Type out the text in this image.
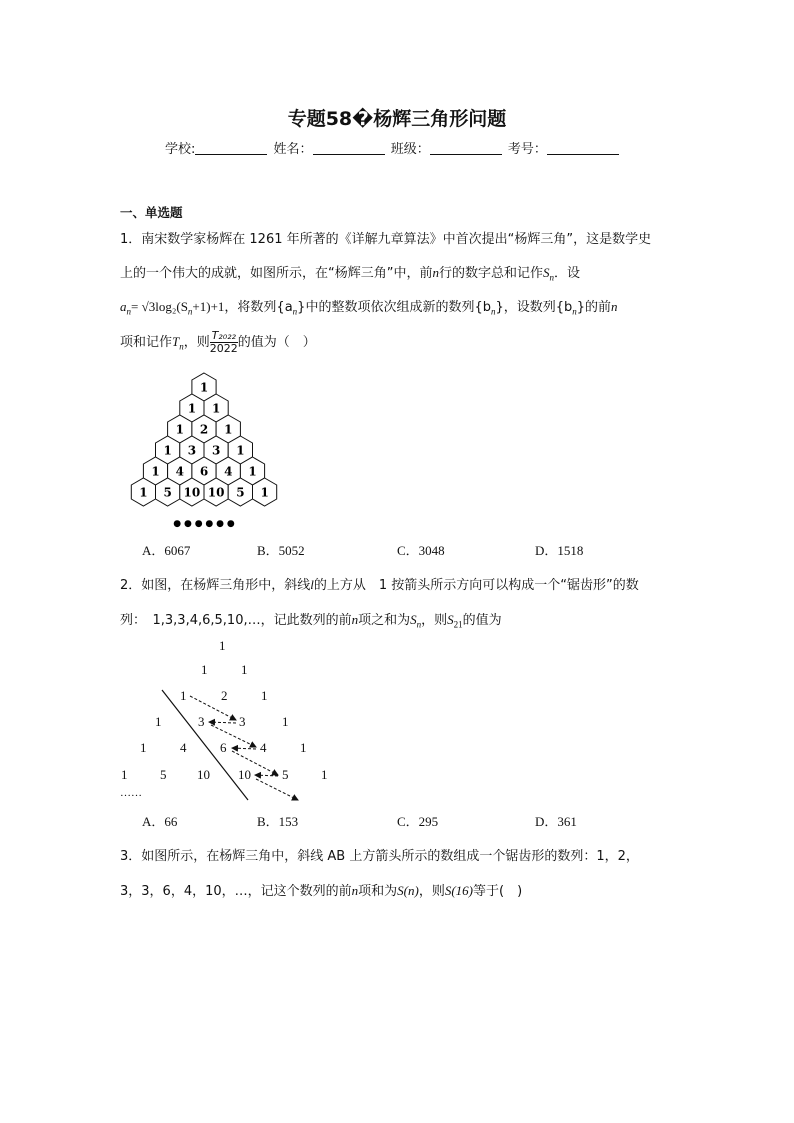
专题58�杨辉三角形问题
学校:	姓名：	班级：	考号：
一、单选题
1．南宋数学家杨辉在 1261 年所著的《详解九章算法》中首次提出“杨辉三角”，这是数学史
上的一个伟大的成就，如图所示，在“杨辉三角”中，前n行的数字总和记作$S_n$．设
$a_n= √3\log_2(S_n+1)+1$，将数列$\{a_n\}$中的整数项依次组成新的数列$\{b_n\}$，设数列$\{b_n\}$的前n
项和记作$T_n$，则 $\frac{\text{T₂₀₂₂}}{2022}$ 的值为（　）
1
1 1
1 2 1
1 3 3 1
1 4 6 4 1
1 5 10 10 5 1
● ● ● ● ● ●
A．6067	B．5052	C．3048	D．1518
2．如图，在杨辉三角形中，斜线l的上方从　1 按箭头所示方向可以构成一个“锯齿形”的数
列：　1,3,3,4,6,5,10,…，记此数列的前n项之和为$S_n$，则$S_{21}$的值为
1
1	1
1	2	1
1	3	3	1
1	4	6	4	1
1	5 10 10 5	1
……
A．66	B．153	C．295	D．361
3．如图所示，在杨辉三角中，斜线 AB 上方箭头所示的数组成一个锯齿形的数列：1，2，
3，3，6，4，10，…，记这个数列的前n项和为S(n)，则S(16)等于(　)
